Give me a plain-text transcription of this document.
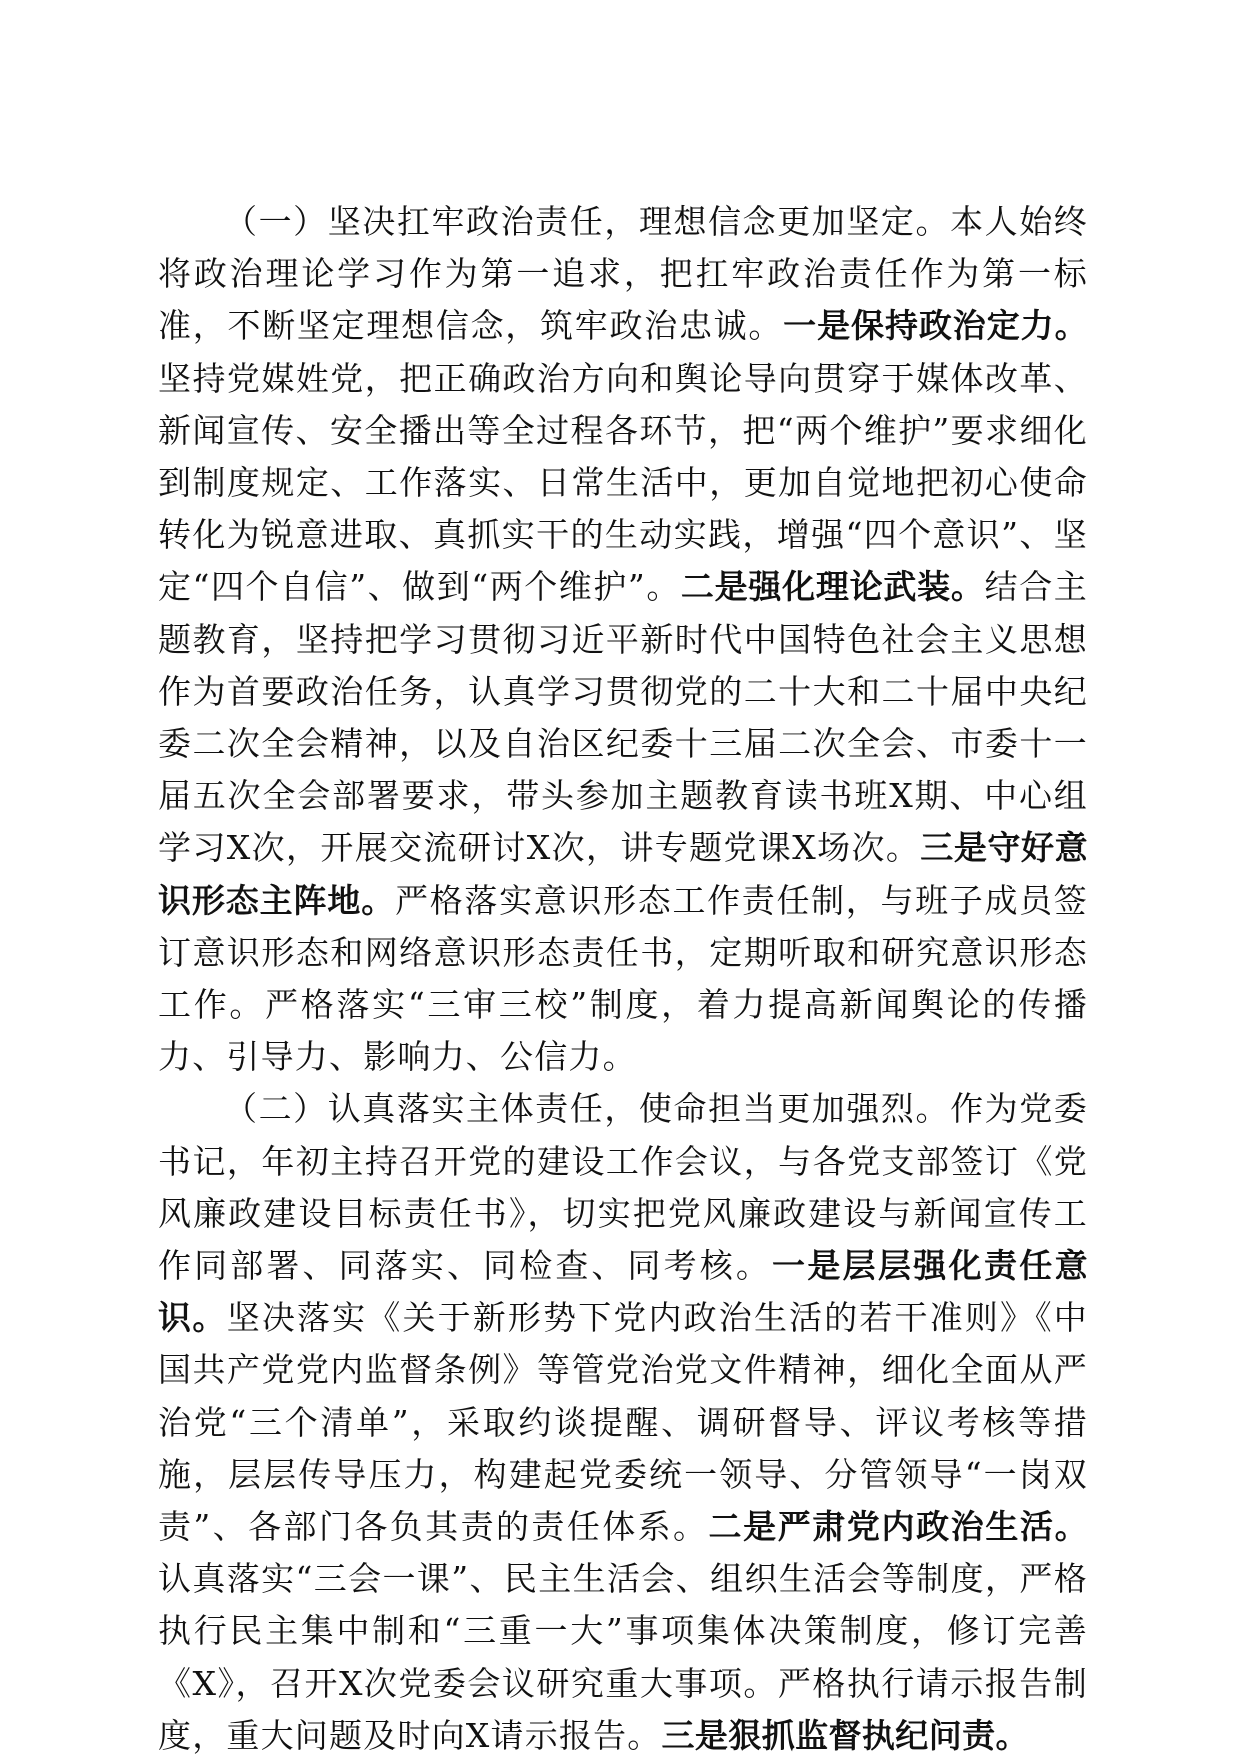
（一）坚决扛牢政治责任，理想信念更加坚定。本人始终将政治理论学习作为第一追求，把扛牢政治责任作为第一标准，不断坚定理想信念，筑牢政治忠诚。一是保持政治定力。坚持党媒姓党，把正确政治方向和舆论导向贯穿于媒体改革、新闻宣传、安全播出等全过程各环节，把“两个维护”要求细化到制度规定、工作落实、日常生活中，更加自觉地把初心使命转化为锐意进取、真抓实干的生动实践，增强“四个意识”、坚定“四个自信”、做到“两个维护”。二是强化理论武装。结合主题教育，坚持把学习贯彻习近平新时代中国特色社会主义思想作为首要政治任务，认真学习贯彻党的二十大和二十届中央纪委二次全会精神，以及自治区纪委十三届二次全会、市委十一届五次全会部署要求，带头参加主题教育读书班X期、中心组学习X次，开展交流研讨X次，讲专题党课X场次。三是守好意识形态主阵地。严格落实意识形态工作责任制，与班子成员签订意识形态和网络意识形态责任书，定期听取和研究意识形态工作。严格落实“三审三校”制度，着力提高新闻舆论的传播力、引导力、影响力、公信力。

（二）认真落实主体责任，使命担当更加强烈。作为党委书记，年初主持召开党的建设工作会议，与各党支部签订《党风廉政建设目标责任书》，切实把党风廉政建设与新闻宣传工作同部署、同落实、同检查、同考核。一是层层强化责任意识。坚决落实《关于新形势下党内政治生活的若干准则》《中国共产党党内监督条例》等管党治党文件精神，细化全面从严治党“三个清单”，采取约谈提醒、调研督导、评议考核等措施，层层传导压力，构建起党委统一领导、分管领导“一岗双责”、各部门各负其责的责任体系。二是严肃党内政治生活。认真落实“三会一课”、民主生活会、组织生活会等制度，严格执行民主集中制和“三重一大”事项集体决策制度，修订完善《X》，召开X次党委会议研究重大事项。严格执行请示报告制度，重大问题及时向X请示报告。三是狠抓监督执纪问责。
